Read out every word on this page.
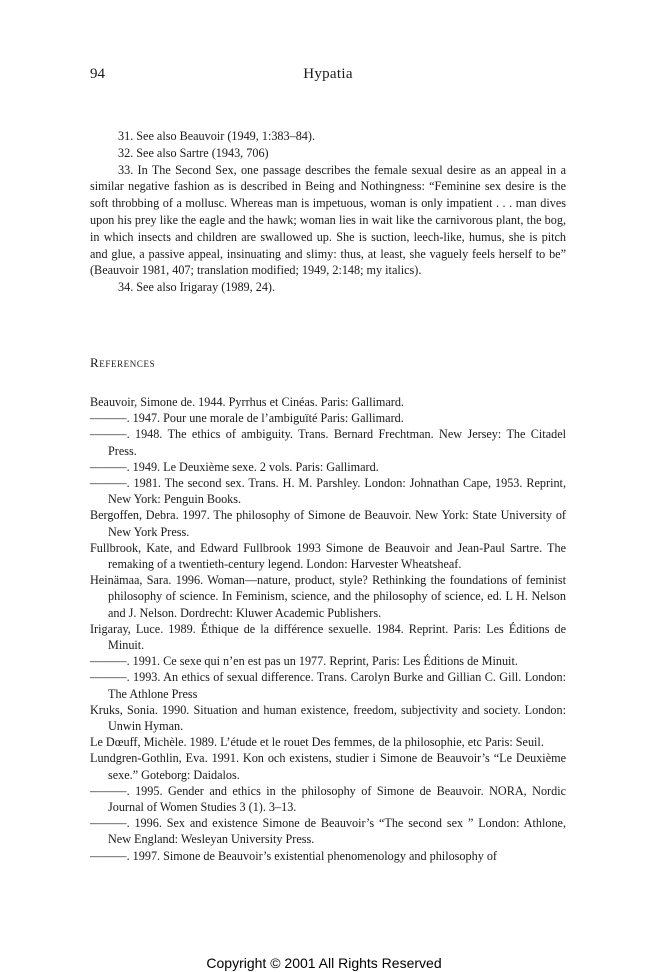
94	Hypatia

31. See also Beauvoir (1949, 1:383–84).

32. See also Sartre (1943, 706)

33. In The Second Sex, one passage describes the female sexual desire as an appeal in a similar negative fashion as is described in Being and Nothingness: “Feminine sex desire is the soft throbbing of a mollusc. Whereas man is impetuous, woman is only impatient . . . man dives upon his prey like the eagle and the hawk; woman lies in wait like the carnivorous plant, the bog, in which insects and children are swallowed up. She is suction, leech-like, humus, she is pitch and glue, a passive appeal, insinuating and slimy: thus, at least, she vaguely feels herself to be” (Beauvoir 1981, 407; translation modified; 1949, 2:148; my italics).

34. See also Irigaray (1989, 24).

References

Beauvoir, Simone de. 1944. Pyrrhus et Cinéas. Paris: Gallimard.

———. 1947. Pour une morale de l’ambiguïté Paris: Gallimard.

———. 1948. The ethics of ambiguity. Trans. Bernard Frechtman. New Jersey: The Citadel Press.

———. 1949. Le Deuxième sexe. 2 vols. Paris: Gallimard.

———. 1981. The second sex. Trans. H. M. Parshley. London: Johnathan Cape, 1953. Reprint, New York: Penguin Books.

Bergoffen, Debra. 1997. The philosophy of Simone de Beauvoir. New York: State University of New York Press.

Fullbrook, Kate, and Edward Fullbrook 1993 Simone de Beauvoir and Jean-Paul Sartre. The remaking of a twentieth-century legend. London: Harvester Wheatsheaf.

Heinämaa, Sara. 1996. Woman—nature, product, style? Rethinking the foundations of feminist philosophy of science. In Feminism, science, and the philosophy of science, ed. L H. Nelson and J. Nelson. Dordrecht: Kluwer Academic Publishers.

Irigaray, Luce. 1989. Éthique de la différence sexuelle. 1984. Reprint. Paris: Les Éditions de Minuit.

———. 1991. Ce sexe qui n’en est pas un 1977. Reprint, Paris: Les Éditions de Minuit.

———. 1993. An ethics of sexual difference. Trans. Carolyn Burke and Gillian C. Gill. London: The Athlone Press

Kruks, Sonia. 1990. Situation and human existence, freedom, subjectivity and society. London: Unwin Hyman.

Le Dœuff, Michèle. 1989. L’étude et le rouet Des femmes, de la philosophie, etc Paris: Seuil.

Lundgren-Gothlin, Eva. 1991. Kon och existens, studier i Simone de Beauvoir’s “Le Deuxième sexe.” Goteborg: Daidalos.

———. 1995. Gender and ethics in the philosophy of Simone de Beauvoir. NORA, Nordic Journal of Women Studies 3 (1). 3–13.

———. 1996. Sex and existence Simone de Beauvoir’s “The second sex ” London: Athlone, New England: Wesleyan University Press.

———. 1997. Simone de Beauvoir’s existential phenomenology and philosophy of

Copyright © 2001 All Rights Reserved
